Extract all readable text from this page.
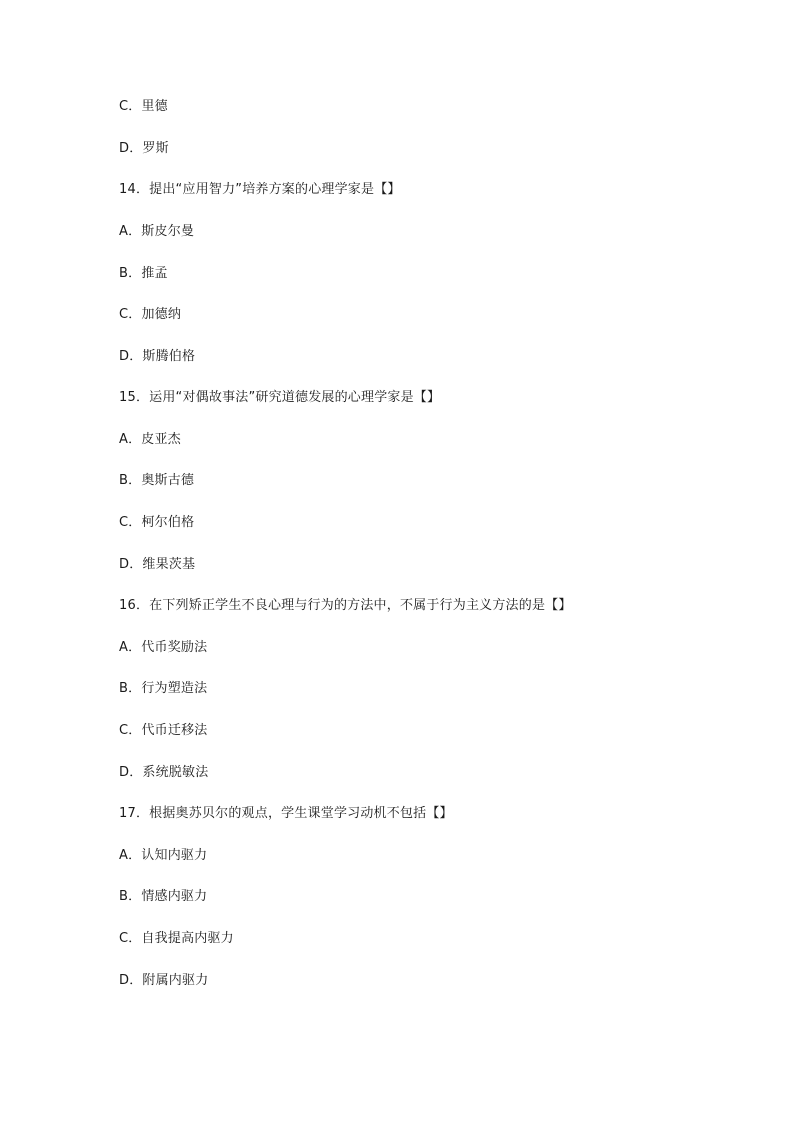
C．里德
D．罗斯
14．提出“应用智力”培养方案的心理学家是【】
A．斯皮尔曼
B．推孟
C．加德纳
D．斯腾伯格
15．运用“对偶故事法”研究道德发展的心理学家是【】
A．皮亚杰
B．奥斯古德
C．柯尔伯格
D．维果茨基
16．在下列矫正学生不良心理与行为的方法中，不属于行为主义方法的是【】
A．代币奖励法
B．行为塑造法
C．代币迁移法
D．系统脱敏法
17．根据奥苏贝尔的观点，学生课堂学习动机不包括【】
A．认知内驱力
B．情感内驱力
C．自我提高内驱力
D．附属内驱力
